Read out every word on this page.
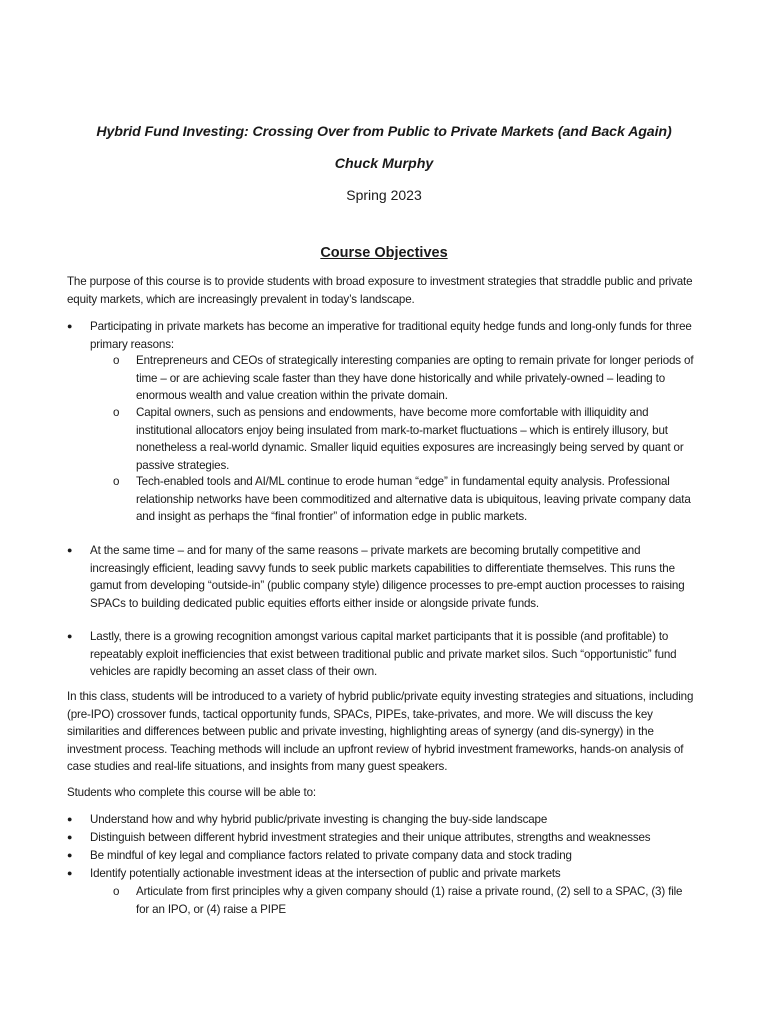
Hybrid Fund Investing: Crossing Over from Public to Private Markets (and Back Again)
Chuck Murphy
Spring 2023
Course Objectives

The purpose of this course is to provide students with broad exposure to investment strategies that straddle public and private equity markets, which are increasingly prevalent in today’s landscape.

● Participating in private markets has become an imperative for traditional equity hedge funds and long-only funds for three primary reasons:

o Entrepreneurs and CEOs of strategically interesting companies are opting to remain private for longer periods of time – or are achieving scale faster than they have done historically and while privately-owned – leading to enormous wealth and value creation within the private domain.

o Capital owners, such as pensions and endowments, have become more comfortable with illiquidity and institutional allocators enjoy being insulated from mark-to-market fluctuations – which is entirely illusory, but nonetheless a real-world dynamic. Smaller liquid equities exposures are increasingly being served by quant or passive strategies.

o Tech-enabled tools and AI/ML continue to erode human “edge” in fundamental equity analysis. Professional relationship networks have been commoditized and alternative data is ubiquitous, leaving private company data and insight as perhaps the “final frontier” of information edge in public markets.

● At the same time – and for many of the same reasons – private markets are becoming brutally competitive and increasingly efficient, leading savvy funds to seek public markets capabilities to differentiate themselves. This runs the gamut from developing “outside-in” (public company style) diligence processes to pre-empt auction processes to raising SPACs to building dedicated public equities efforts either inside or alongside private funds.

● Lastly, there is a growing recognition amongst various capital market participants that it is possible (and profitable) to repeatably exploit inefficiencies that exist between traditional public and private market silos. Such “opportunistic” fund vehicles are rapidly becoming an asset class of their own.

In this class, students will be introduced to a variety of hybrid public/private equity investing strategies and situations, including (pre-IPO) crossover funds, tactical opportunity funds, SPACs, PIPEs, take-privates, and more. We will discuss the key similarities and differences between public and private investing, highlighting areas of synergy (and dis-synergy) in the investment process. Teaching methods will include an upfront review of hybrid investment frameworks, hands-on analysis of case studies and real-life situations, and insights from many guest speakers.

Students who complete this course will be able to:

● Understand how and why hybrid public/private investing is changing the buy-side landscape

● Distinguish between different hybrid investment strategies and their unique attributes, strengths and weaknesses

● Be mindful of key legal and compliance factors related to private company data and stock trading

● Identify potentially actionable investment ideas at the intersection of public and private markets

o Articulate from first principles why a given company should (1) raise a private round, (2) sell to a SPAC, (3) file for an IPO, or (4) raise a PIPE
